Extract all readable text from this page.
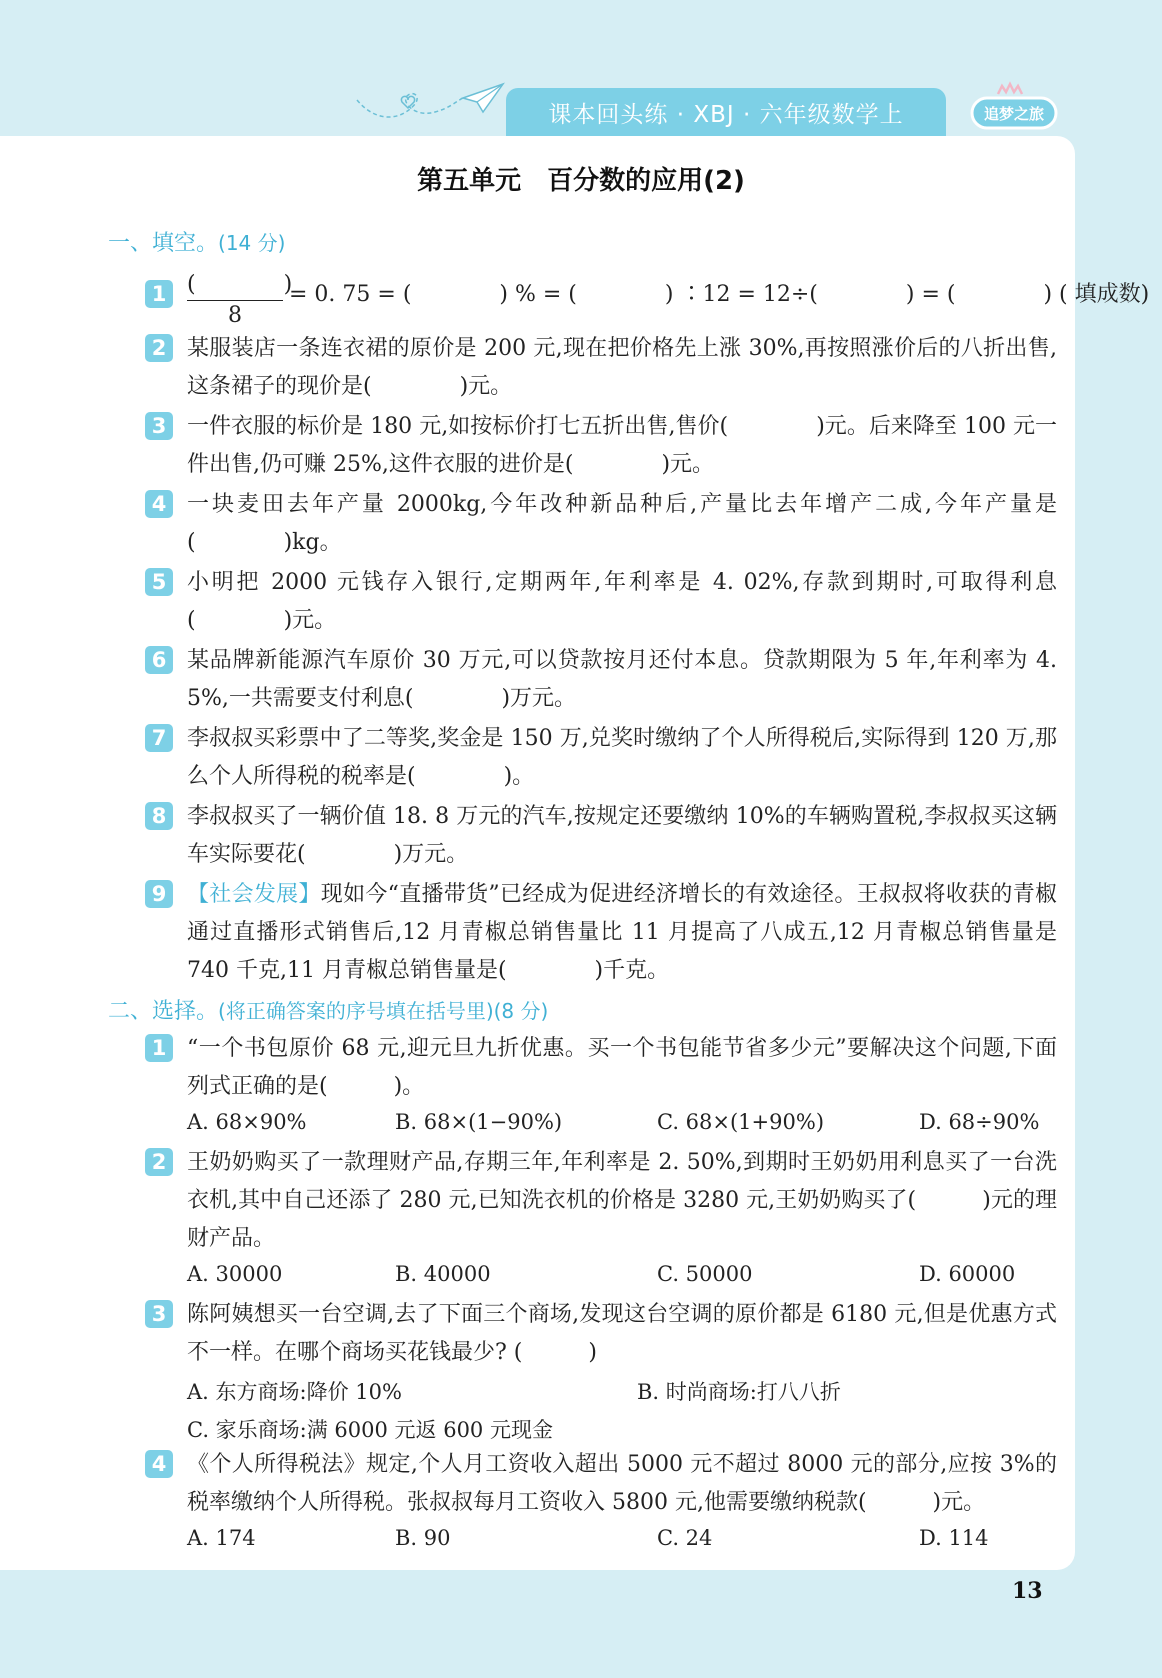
课本回头练 · XBJ · 六年级数学上	追梦之旅
第五单元　百分数的应用(2)
一、填空。(14 分)
1 (　　　　)
8
= 0. 75 = (　　　　) % = (　　　　) ∶12 = 12÷(　　　　) = (　　　　) ( 填成数)
2 某服装店一条连衣裙的原价是 200 元,现在把价格先上涨 30%,再按照涨价后的八折出售,这条裙子的现价是(　　　　)元。

3 一件衣服的标价是 180 元,如按标价打七五折出售,售价(　　　　)元。后来降至 100 元一件出售,仍可赚 25%,这件衣服的进价是(　　　　)元。

4 一块麦田去年产量 2000kg,今年改种新品种后,产量比去年增产二成,今年产量是(　　　　)kg。

5 小明把 2000 元钱存入银行,定期两年,年利率是 4. 02%,存款到期时,可取得利息(　　　　)元。

6 某品牌新能源汽车原价 30 万元,可以贷款按月还付本息。贷款期限为 5 年,年利率为 4. 5%,一共需要支付利息(　　　　)万元。

7 李叔叔买彩票中了二等奖,奖金是 150 万,兑奖时缴纳了个人所得税后,实际得到 120 万,那么个人所得税的税率是(　　　　)。

8 李叔叔买了一辆价值 18. 8 万元的汽车,按规定还要缴纳 10%的车辆购置税,李叔叔买这辆车实际要花(　　　　)万元。

9 【社会发展】现如今“直播带货”已经成为促进经济增长的有效途径。王叔叔将收获的青椒通过直播形式销售后,12 月青椒总销售量比 11 月提高了八成五,12 月青椒总销售量是 740 千克,11 月青椒总销售量是(　　　　)千克。

二、选择。(将正确答案的序号填在括号里)(8 分)
1 “一个书包原价 68 元,迎元旦九折优惠。买一个书包能节省多少元”要解决这个问题,下面列式正确的是(　　　)。

A. 68×90%	B. 68×(1−90%)	C. 68×(1+90%)	D. 68÷90%
2 王奶奶购买了一款理财产品,存期三年,年利率是 2. 50%,到期时王奶奶用利息买了一台洗衣机,其中自己还添了 280 元,已知洗衣机的价格是 3280 元,王奶奶购买了(　　　)元的理财产品。

A. 30000	B. 40000	C. 50000	D. 60000
3 陈阿姨想买一台空调,去了下面三个商场,发现这台空调的原价都是 6180 元,但是优惠方式不一样。在哪个商场买花钱最少? (　　　)

A. 东方商场:降价 10%	B. 时尚商场:打八八折
C. 家乐商场:满 6000 元返 600 元现金
4 《个人所得税法》规定,个人月工资收入超出 5000 元不超过 8000 元的部分,应按 3%的税率缴纳个人所得税。张叔叔每月工资收入 5800 元,他需要缴纳税款(　　　)元。

A. 174	B. 90	C. 24	D. 114
13
